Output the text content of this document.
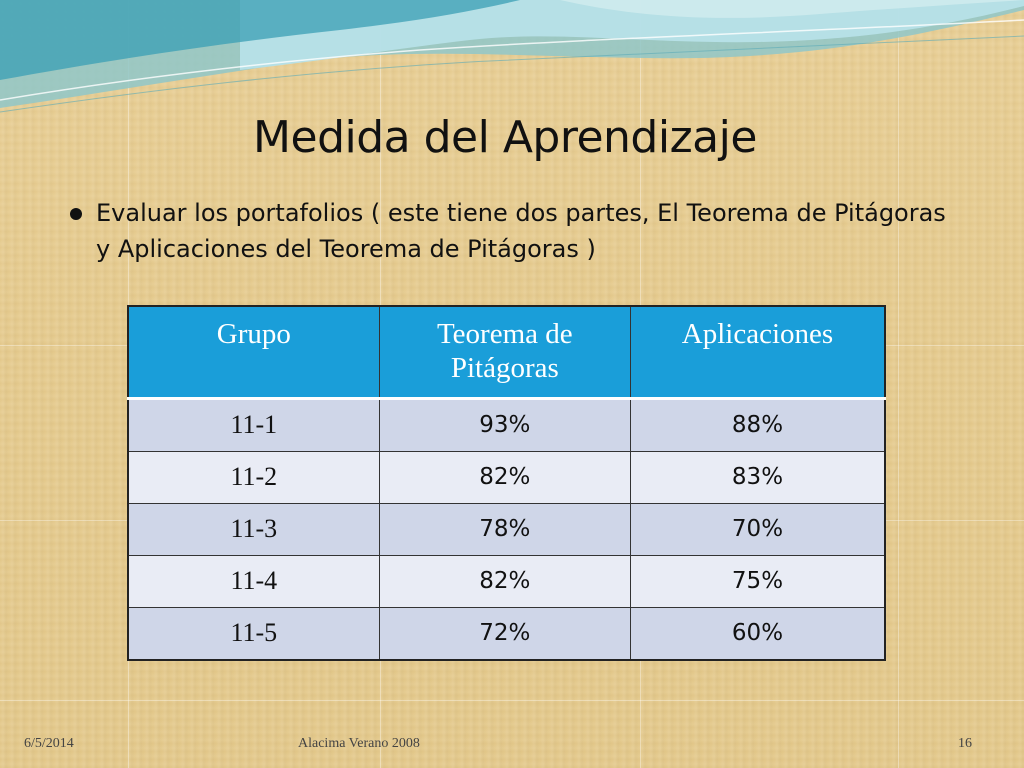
Medida del Aprendizaje
Evaluar los portafolios ( este tiene dos partes, El Teorema de Pitágoras y Aplicaciones del Teorema de Pitágoras )
Grupo	Teorema de Pitágoras	Aplicaciones
11-1	93%	88%
11-2	82%	83%
11-3	78%	70%
11-4	82%	75%
11-5	72%	60%
6/5/2014	Alacima Verano 2008	16
